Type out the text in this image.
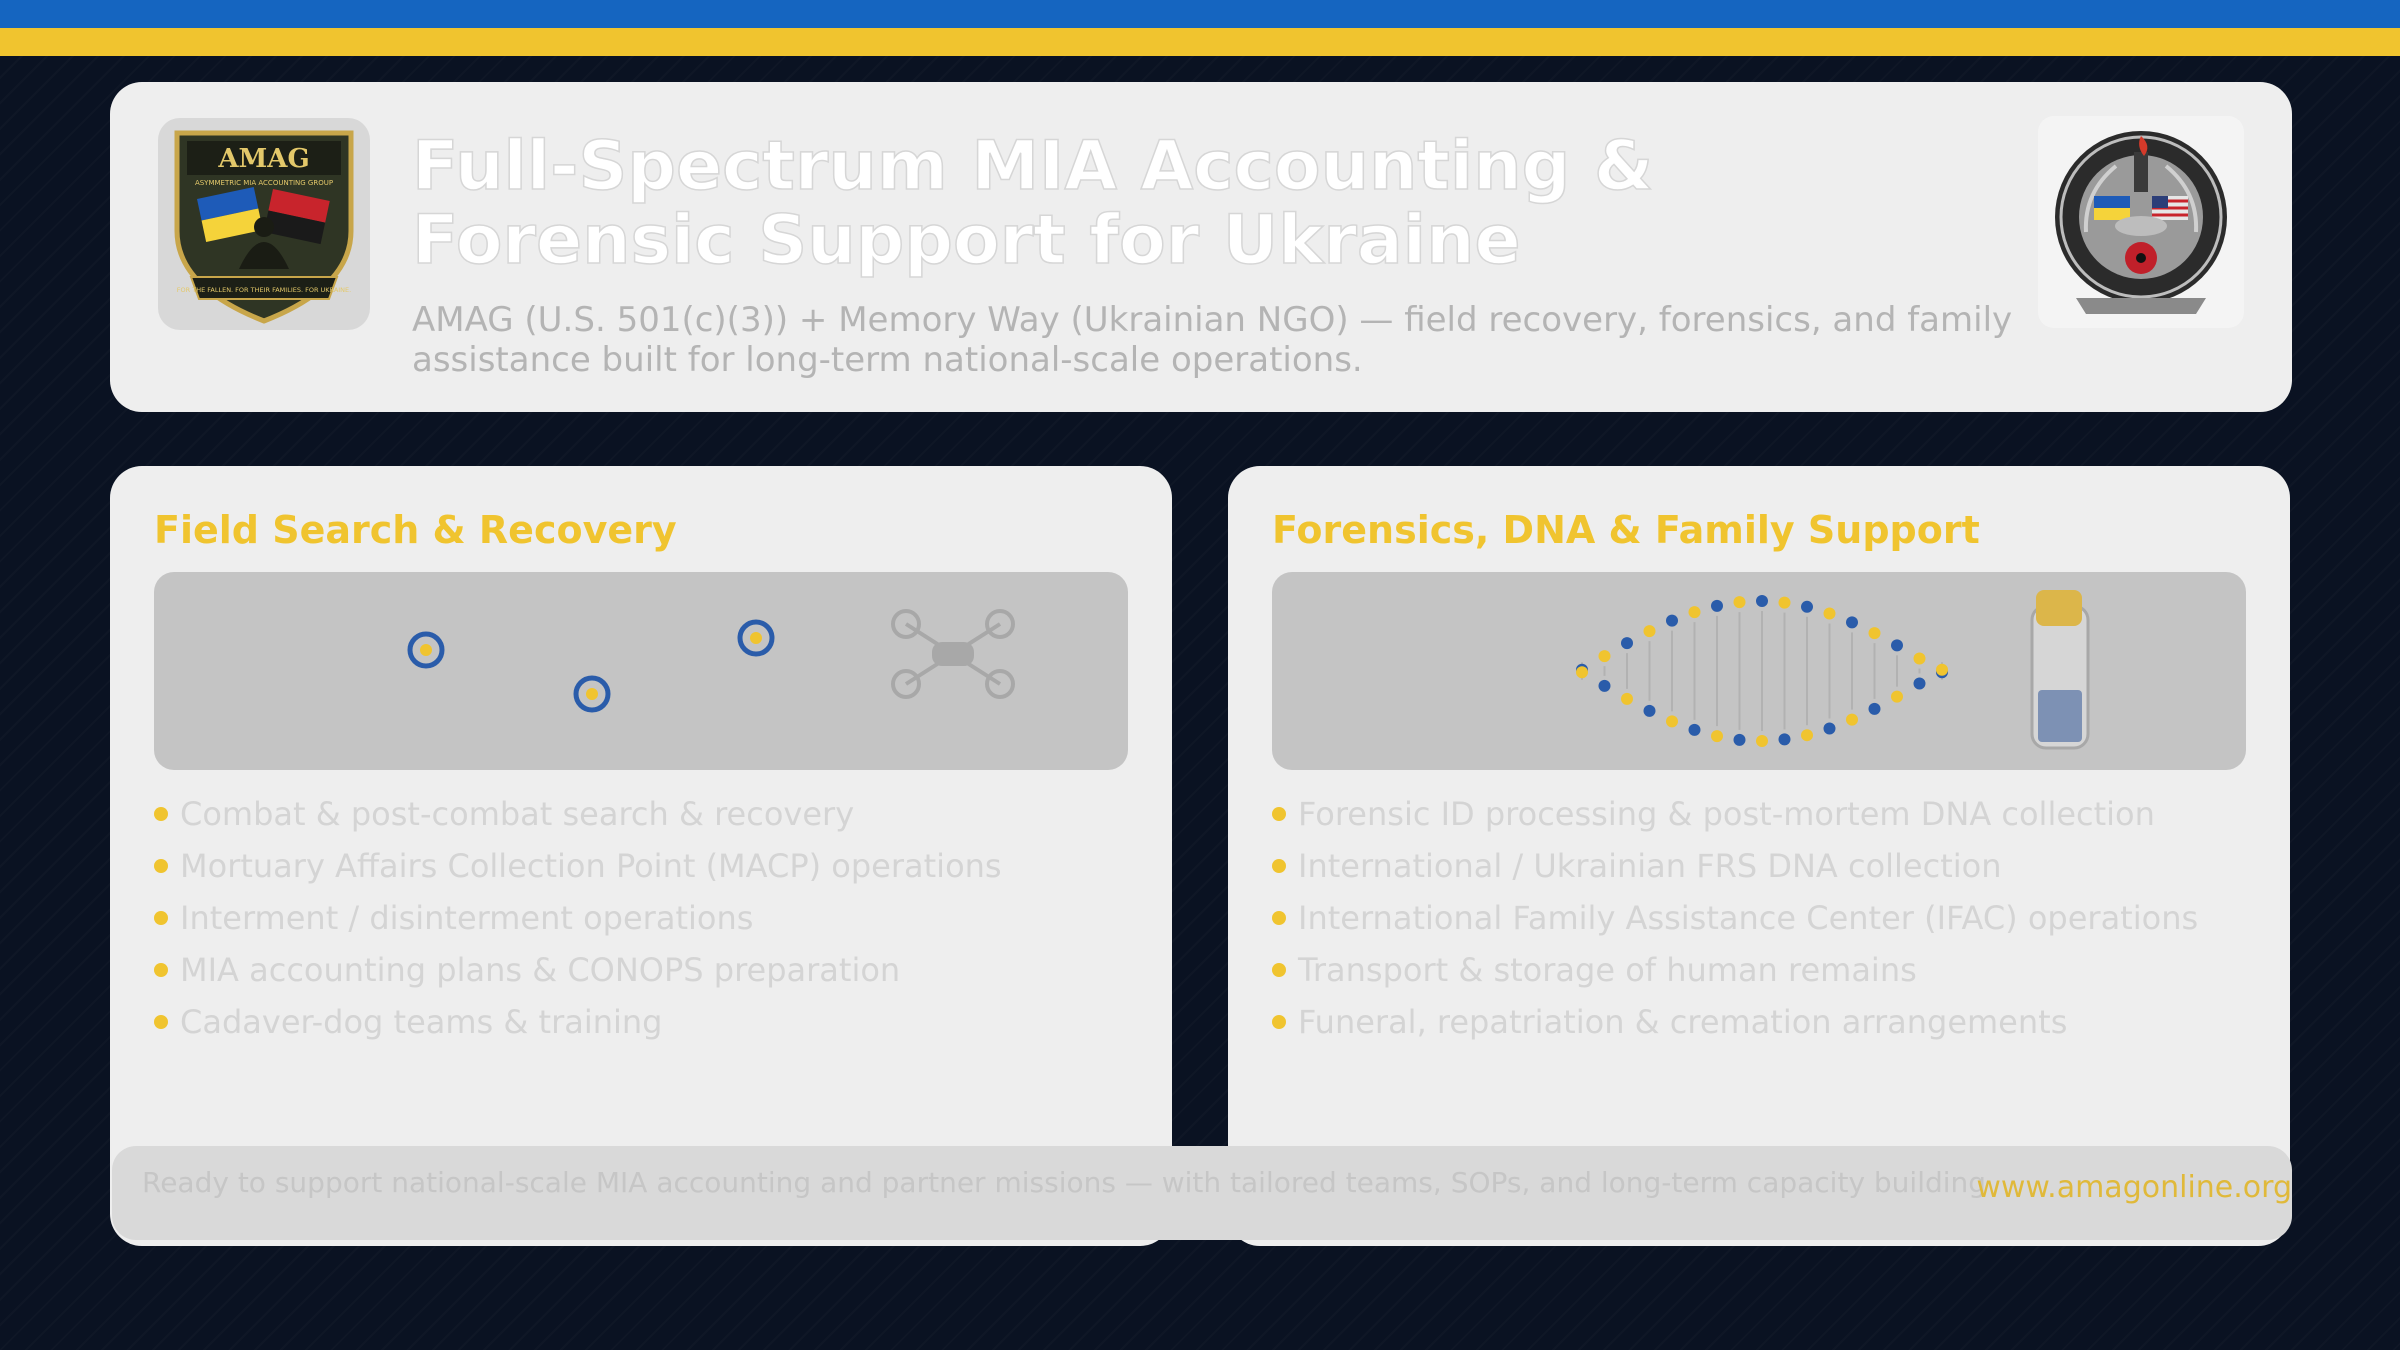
AMAG
ASYMMETRIC MIA ACCOUNTING GROUP
FOR THE FALLEN. FOR THEIR FAMILIES. FOR UKRAINE.
Full-Spectrum MIA Accounting &
Forensic Support for Ukraine
AMAG (U.S. 501(c)(3)) + Memory Way (Ukrainian NGO) — field recovery, forensics, and family assistance built for long-term national-scale operations.
Field Search & Recovery
Combat & post-combat search & recovery
Mortuary Affairs Collection Point (MACP) operations
Interment / disinterment operations
MIA accounting plans & CONOPS preparation
Cadaver-dog teams & training
Forensics, DNA & Family Support
Forensic ID processing & post-mortem DNA collection
International / Ukrainian FRS DNA collection
International Family Assistance Center (IFAC) operations
Transport & storage of human remains
Funeral, repatriation & cremation arrangements
Ready to support national-scale MIA accounting and partner missions — with tailored teams, SOPs, and long-term capacity building
www.amagonline.org
